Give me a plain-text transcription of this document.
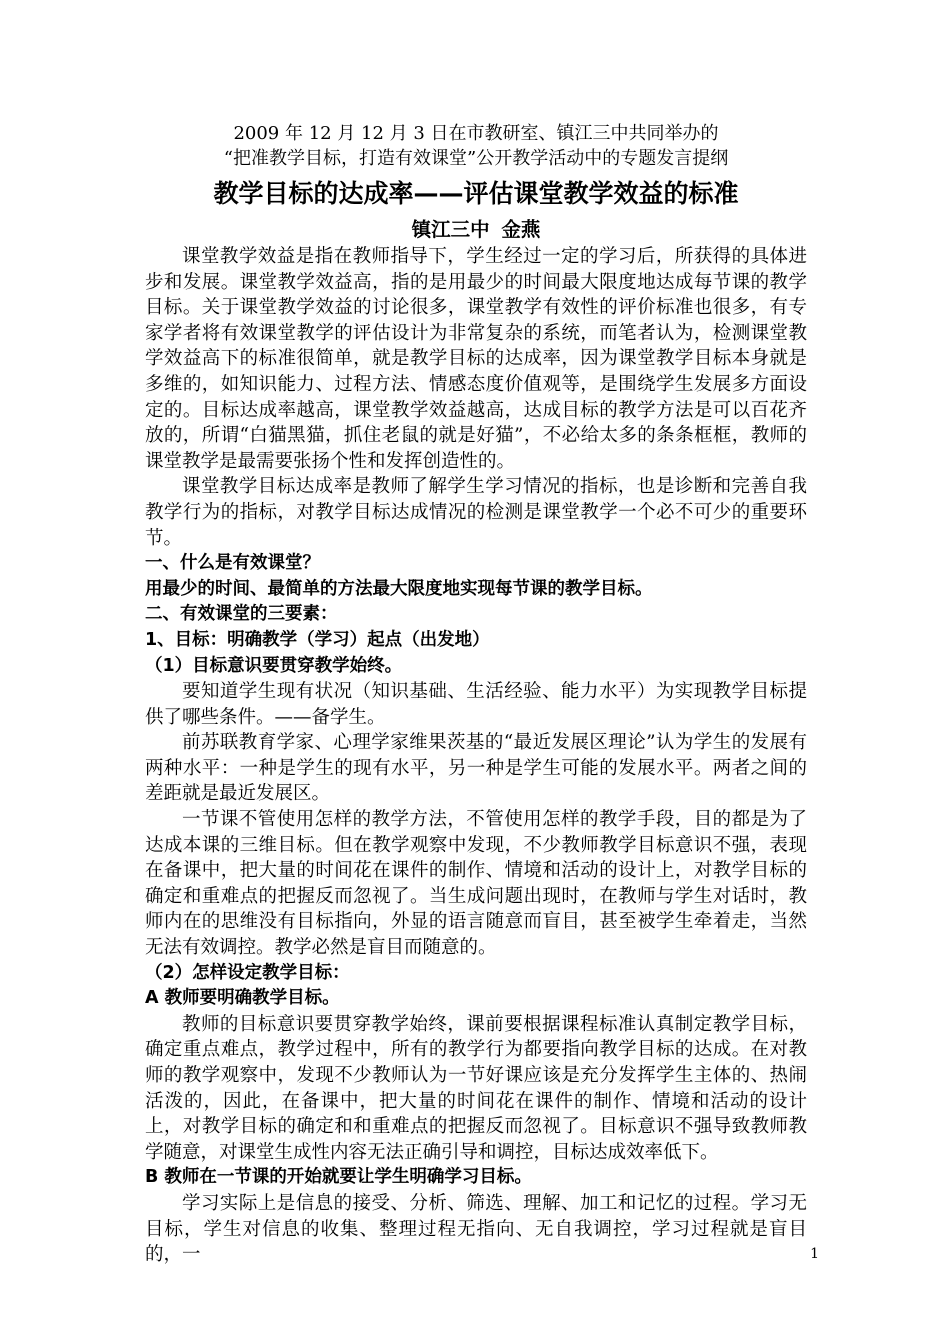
2009 年 12 月 12 月 3 日在市教研室、镇江三中共同举办的

“把准教学目标，打造有效课堂”公开教学活动中的专题发言提纲

教学目标的达成率——评估课堂教学效益的标准

镇江三中 金燕

课堂教学效益是指在教师指导下，学生经过一定的学习后，所获得的具体进步和发展。课堂教学效益高，指的是用最少的时间最大限度地达成每节课的教学目标。关于课堂教学效益的讨论很多，课堂教学有效性的评价标准也很多，有专家学者将有效课堂教学的评估设计为非常复杂的系统，而笔者认为，检测课堂教学效益高下的标准很简单，就是教学目标的达成率，因为课堂教学目标本身就是多维的，如知识能力、过程方法、情感态度价值观等，是围绕学生发展多方面设定的。目标达成率越高，课堂教学效益越高，达成目标的教学方法是可以百花齐放的，所谓“白猫黑猫，抓住老鼠的就是好猫”，不必给太多的条条框框，教师的课堂教学是最需要张扬个性和发挥创造性的。

课堂教学目标达成率是教师了解学生学习情况的指标，也是诊断和完善自我教学行为的指标，对教学目标达成情况的检测是课堂教学一个必不可少的重要环节。

一、什么是有效课堂？

用最少的时间、最简单的方法最大限度地实现每节课的教学目标。

二、有效课堂的三要素：

1、目标：明确教学（学习）起点（出发地）

（1）目标意识要贯穿教学始终。

要知道学生现有状况（知识基础、生活经验、能力水平）为实现教学目标提供了哪些条件。——备学生。

前苏联教育学家、心理学家维果茨基的“最近发展区理论”认为学生的发展有两种水平：一种是学生的现有水平，另一种是学生可能的发展水平。两者之间的差距就是最近发展区。

一节课不管使用怎样的教学方法，不管使用怎样的教学手段，目的都是为了达成本课的三维目标。但在教学观察中发现，不少教师教学目标意识不强，表现在备课中，把大量的时间花在课件的制作、情境和活动的设计上，对教学目标的确定和重难点的把握反而忽视了。当生成问题出现时，在教师与学生对话时，教师内在的思维没有目标指向，外显的语言随意而盲目，甚至被学生牵着走，当然无法有效调控。教学必然是盲目而随意的。

（2）怎样设定教学目标：

A 教师要明确教学目标。

教师的目标意识要贯穿教学始终，课前要根据课程标准认真制定教学目标，确定重点难点，教学过程中，所有的教学行为都要指向教学目标的达成。在对教师的教学观察中，发现不少教师认为一节好课应该是充分发挥学生主体的、热闹活泼的，因此，在备课中，把大量的时间花在课件的制作、情境和活动的设计上，对教学目标的确定和和重难点的把握反而忽视了。目标意识不强导致教师教学随意，对课堂生成性内容无法正确引导和调控，目标达成效率低下。

B 教师在一节课的开始就要让学生明确学习目标。

学习实际上是信息的接受、分析、筛选、理解、加工和记忆的过程。学习无目标，学生对信息的收集、整理过程无指向、无自我调控，学习过程就是盲目的，一	1
